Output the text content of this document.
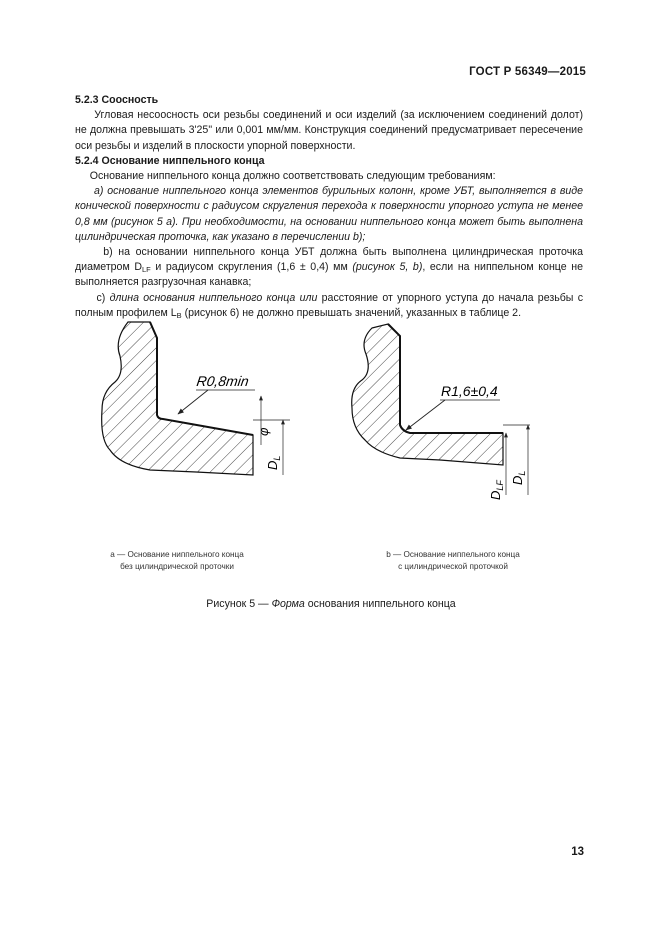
ГОСТ Р 56349—2015

5.2.3 Соосность

Угловая несоосность оси резьбы соединений и оси изделий (за исключением соединений долот) не должна превышать 3'25" или 0,001 мм/мм. Конструкция соединений предусматривает пересечение оси резьбы и изделий в плоскости упорной поверхности.

5.2.4 Основание ниппельного конца

Основание ниппельного конца должно соответствовать следующим требованиям:

а) основание ниппельного конца элементов бурильных колонн, кроме УБТ, выполняется в виде конической поверхности с радиусом скругления перехода к поверхности упорного уступа не менее 0,8 мм (рисунок 5 а). При необходимости, на основании ниппельного конца может быть выполнена цилиндрическая проточка, как указано в перечислении b);

b) на основании ниппельного конца УБТ должна быть выполнена цилиндрическая проточка диаметром $D_{LF}$ и радиусом скругления (1,6 ± 0,4) мм (рисунок 5, b), если на ниппельном конце не выполняется разгрузочная канавка;

с) длина основания ниппельного конца или расстояние от упорного уступа до начала резьбы с полным профилем $L_B$ (рисунок 6) не должно превышать значений, указанных в таблице 2.

R0,8min
φ
$D_L$
R1,6±0,4
$D_{LF}$ $D_L$
а — Основание ниппельного конца
без цилиндрической проточки
b — Основание ниппельного конца
с цилиндрической проточкой
Рисунок 5 — Форма основания ниппельного конца
13
